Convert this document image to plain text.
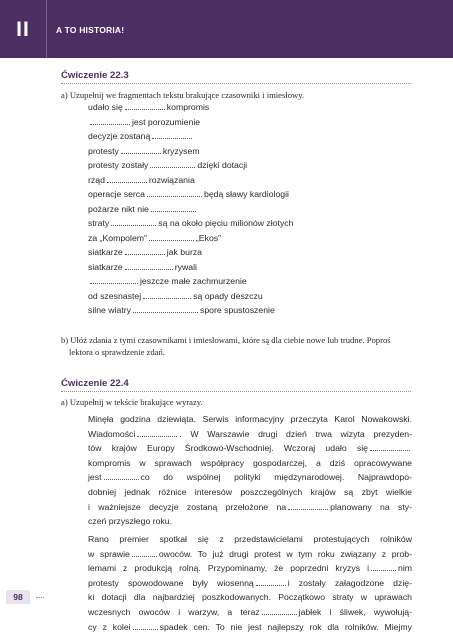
II	A TO HISTORIA!
Ćwiczenie 22.3
a) Uzupełnij we fragmentach tekstu brakujące czasowniki i imiesłowy.
udało się	kompromis
jest porozumienie
decyzje zostaną
protesty	kryzysem
protesty zostały	dzięki dotacji
rząd	rozwiązania
operacje serca	będą sławy kardiologii
pożarze nikt nie
straty	są na około pięciu milionów złotych
za „Kompolem”	„Ekos”
siatkarze	jak burza
siatkarze	rywali
jeszcze małe zachmurzenie
od szesnastej	są opady deszczu
silne wiatry	spore spustoszenie
b) Ułóż zdania z tymi czasownikami i imiesłowami, które są dla ciebie nowe lub trudne. Poproś lektora o sprawdzenie zdań.
Ćwiczenie 22.4
a) Uzupełnij w tekście brakujące wyrazy.
Minęła godzina dziewiąta. Serwis informacyjny przeczyta Karol Nowakowski.
Wiadomości	. W Warszawie drugi dzień trwa wizyta prezyden-
tów krajów Europy Środkowo-Wschodniej. Wczoraj udało się
kompromis w sprawach współpracy gospodarczej, a dziś opracowywane
jest	co do wspólnej polityki międzynarodowej. Najprawdopo-
dobniej jednak różnice interesów poszczególnych krajów są zbyt wielkie
i ważniejsze decyzje zostaną przełożone na	planowany na sty-
czeń przyszłego roku.
Rano premier spotkał się z przedstawicielami protestujących rolników
w sprawie	owoców. To już drugi protest w tym roku związany z prob-
lemami z produkcją rolną. Przypominamy, że poprzedni kryzys i	nim
protesty spowodowane były wiosenną	i zostały załagodzone dzię-
ki dotacji dla najbardziej poszkodowanych. Początkowo straty w uprawach
wczesnych owoców i warzyw, a teraz	jabłek i śliwek, wywołują-
cy z kolei	spadek cen. To nie jest najlepszy rok dla rolników. Miejmy
98
